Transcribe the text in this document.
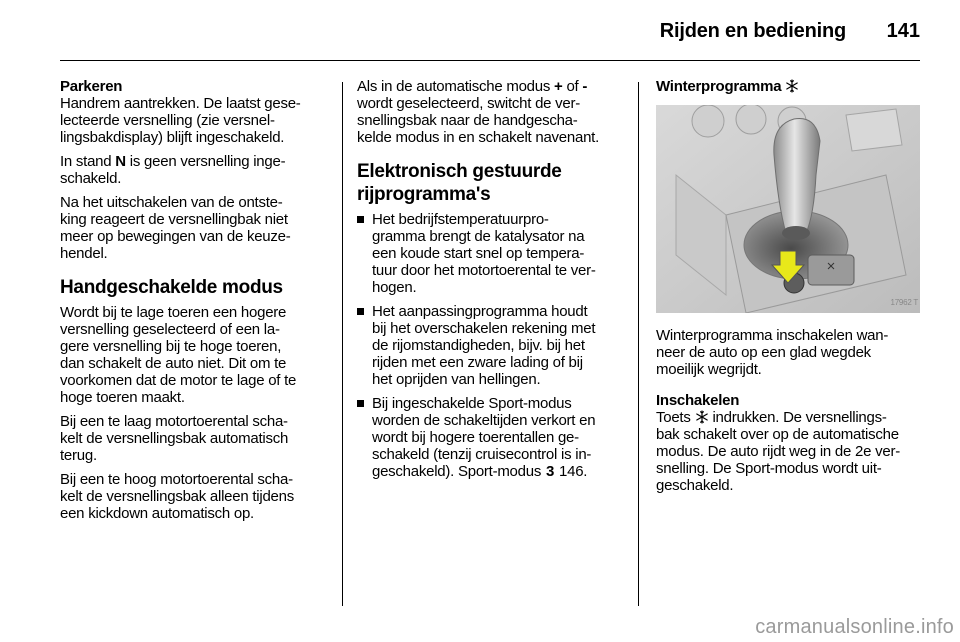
Rijden en bediening	141
Parkeren

Handrem aantrekken. De laatst gese-
lecteerde versnelling (zie versnel-
lingsbakdisplay) blijft ingeschakeld.

In stand N is geen versnelling inge-
schakeld.

Na het uitschakelen van de ontste-
king reageert de versnellingbak niet
meer op bewegingen van de keuze-
hendel.

Handgeschakelde modus

Wordt bij te lage toeren een hogere
versnelling geselecteerd of een la-
gere versnelling bij te hoge toeren,
dan schakelt de auto niet. Dit om te
voorkomen dat de motor te lage of te
hoge toeren maakt.

Bij een te laag motortoerental scha-
kelt de versnellingsbak automatisch
terug.

Bij een te hoog motortoerental scha-
kelt de versnellingsbak alleen tijdens
een kickdown automatisch op.

Als in de automatische modus + of -
wordt geselecteerd, switcht de ver-
snellingsbak naar de handgescha-
kelde modus in en schakelt navenant.

Elektronisch gestuurde
rijprogramma's
Het bedrijfstemperatuurpro-
gramma brengt de katalysator na
een koude start snel op tempera-
tuur door het motortoerental te ver-
hogen.
Het aanpassingprogramma houdt
bij het overschakelen rekening met
de rijomstandigheden, bijv. bij het
rijden met een zware lading of bij
het oprijden van hellingen.
Bij ingeschakelde Sport-modus
worden de schakeltijden verkort en
wordt bij hogere toerentallen ge-
schakeld (tenzij cruisecontrol is in-
geschakeld). Sport-modus 3 146.
Winterprogramma
17962 T

Winterprogramma inschakelen wan-
neer de auto op een glad wegdek
moeilijk wegrijdt.

Inschakelen

Toets  indrukken. De versnellings-
bak schakelt over op de automatische
modus. De auto rijdt weg in de 2e ver-
snelling. De Sport-modus wordt uit-
geschakeld.

carmanualsonline.info
